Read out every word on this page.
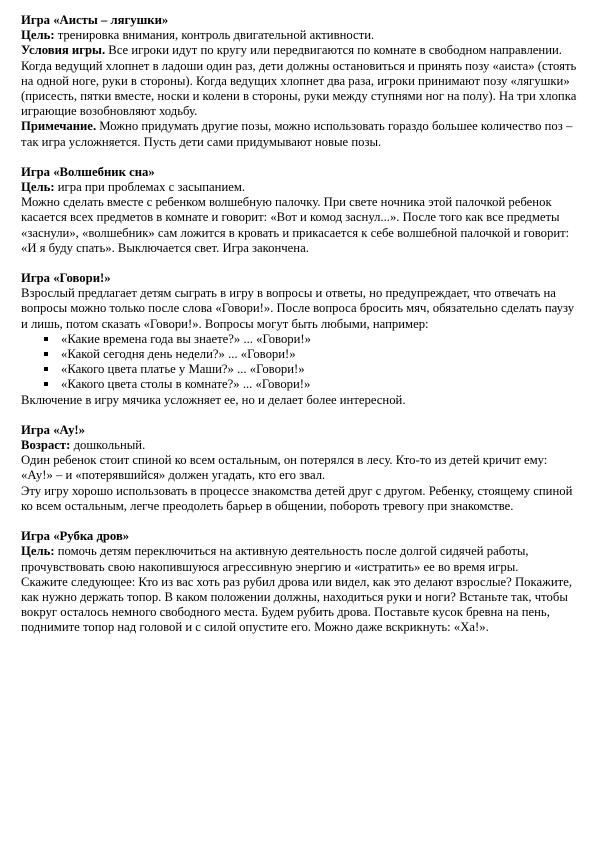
Игра «Аисты – лягушки»

Цель: тренировка внимания, контроль двигательной активности.

Условия игры. Все игроки идут по кругу или передвигаются по комнате в свободном направлении.

Когда ведущий хлопнет в ладоши один раз, дети должны остановиться и принять позу «аиста» (стоять на одной ноге, руки в стороны). Когда ведущих хлопнет два раза, игроки принимают позу «лягушки» (присесть, пятки вместе, носки и колени в стороны, руки между ступнями ног на полу). На три хлопка играющие возобновляют ходьбу.

Примечание. Можно придумать другие позы, можно использовать гораздо большее количество поз – так игра усложняется. Пусть дети сами придумывают новые позы.

Игра «Волшебник сна»

Цель: игра при проблемах с засыпанием.

Можно сделать вместе с ребенком волшебную палочку. При свете ночника этой палочкой ребенок касается всех предметов в комнате и говорит: «Вот и комод заснул...». После того как все предметы «заснули», «волшебник» сам ложится в кровать и прикасается к себе волшебной палочкой и говорит: «И я буду спать». Выключается свет. Игра закончена.

Игра «Говори!»

Взрослый предлагает детям сыграть в игру в вопросы и ответы, но предупреждает, что отвечать на вопросы можно только после слова «Говори!». После вопроса бросить мяч, обязательно сделать паузу и лишь, потом сказать «Говори!». Вопросы могут быть любыми, например:

«Какие времена года вы знаете?» ... «Говори!»
«Какой сегодня день недели?» ... «Говори!»
«Какого цвета платье у Маши?» ... «Говори!»
«Какого цвета столы в комнате?» ... «Говори!»

Включение в игру мячика усложняет ее, но и делает более интересной.

Игра «Ау!»

Возраст: дошкольный.

Один ребенок стоит спиной ко всем остальным, он потерялся в лесу. Кто-то из детей кричит ему: «Ау!» – и «потерявшийся» должен угадать, кто его звал.

Эту игру хорошо использовать в процессе знакомства детей друг с другом. Ребенку, стоящему спиной ко всем остальным, легче преодолеть барьер в общении, побороть тревогу при знакомстве.

Игра «Рубка дров»

Цель: помочь детям переключиться на активную деятельность после долгой сидячей работы, прочувствовать свою накопившуюся агрессивную энергию и «истратить» ее во время игры.

Скажите следующее: Кто из вас хоть раз рубил дрова или видел, как это делают взрослые? Покажите, как нужно держать топор. В каком положении должны, находиться руки и ноги? Встаньте так, чтобы вокруг осталось немного свободного места. Будем рубить дрова. Поставьте кусок бревна на пень, поднимите топор над головой и с силой опустите его. Можно даже вскрикнуть: «Ха!».
